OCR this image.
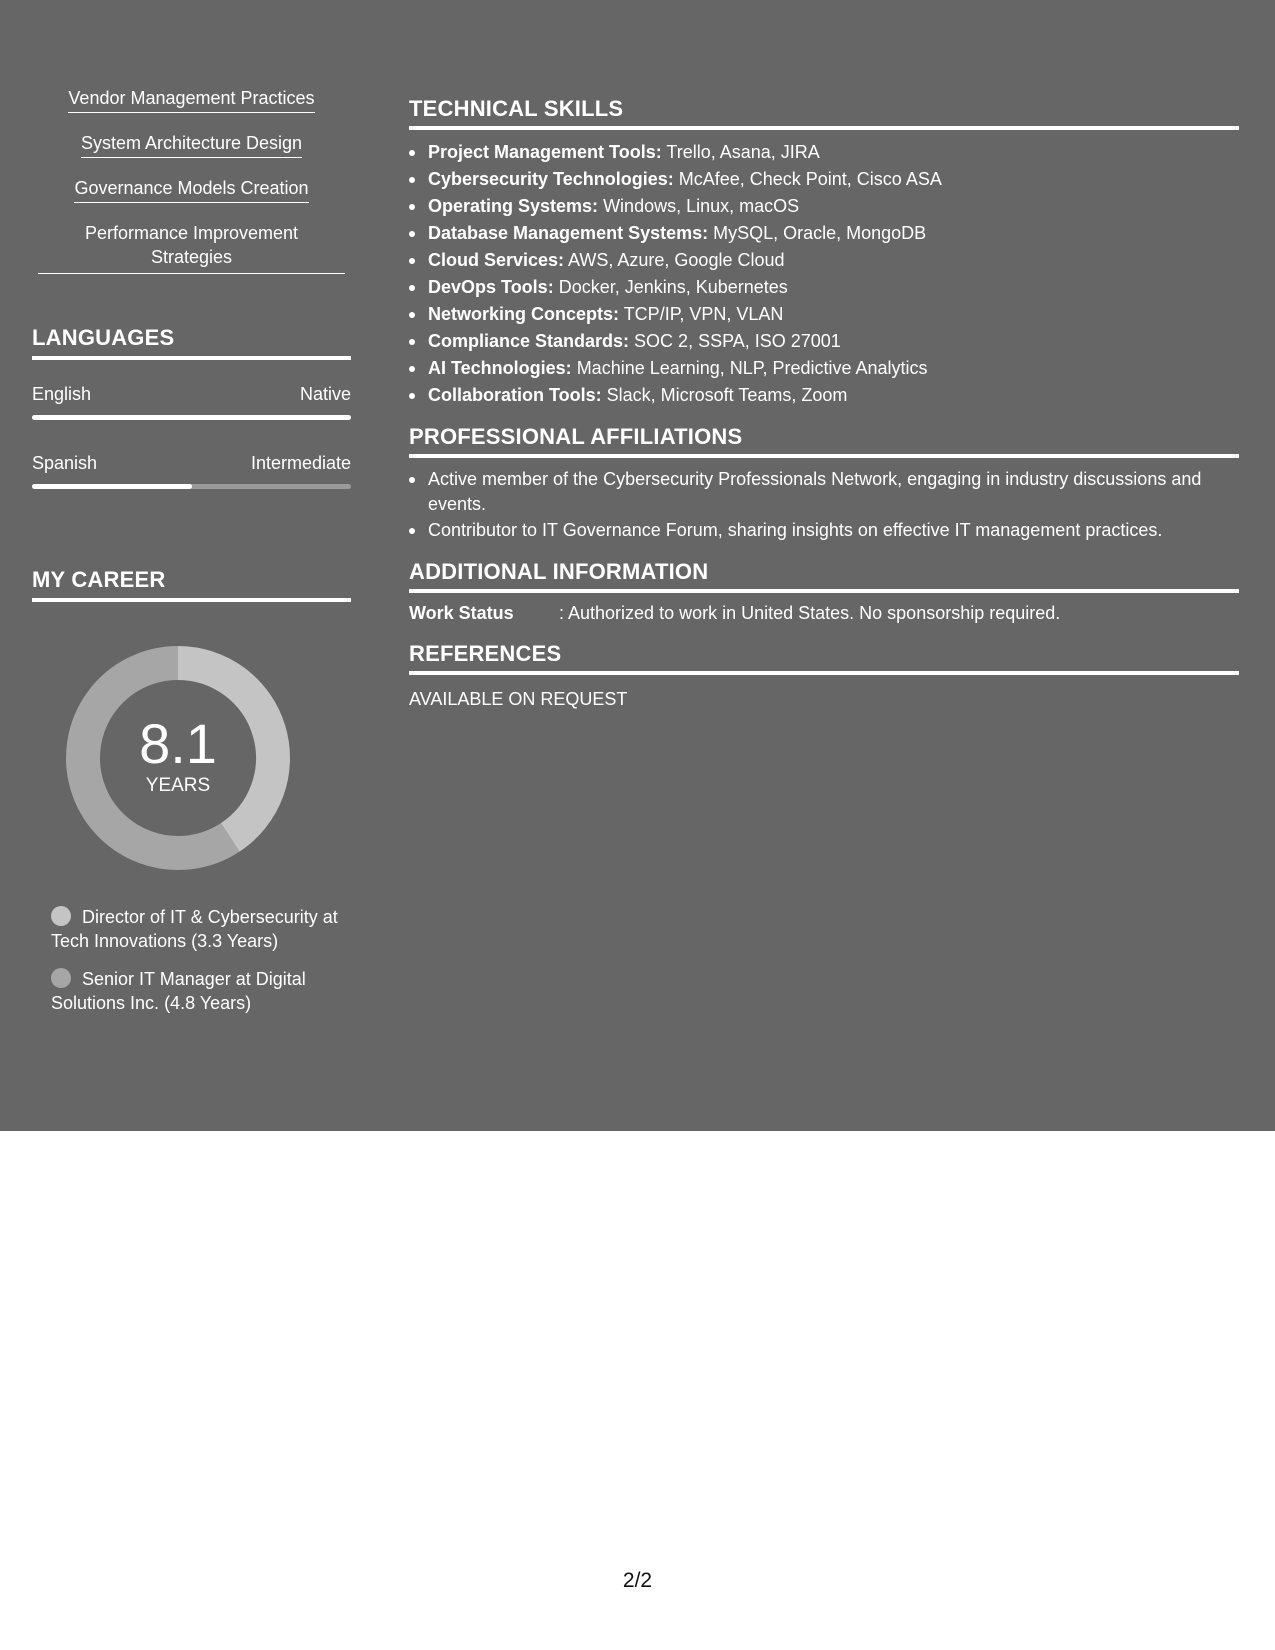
Vendor Management Practices
System Architecture Design
Governance Models Creation
Performance Improvement Strategies
LANGUAGES
English	Native
Spanish	Intermediate
MY CAREER
8.1
YEARS
Director of IT & Cybersecurity at Tech Innovations (3.3 Years)
Senior IT Manager at Digital Solutions Inc. (4.8 Years)
TECHNICAL SKILLS
Project Management Tools: Trello, Asana, JIRA
Cybersecurity Technologies: McAfee, Check Point, Cisco ASA
Operating Systems: Windows, Linux, macOS
Database Management Systems: MySQL, Oracle, MongoDB
Cloud Services: AWS, Azure, Google Cloud
DevOps Tools: Docker, Jenkins, Kubernetes
Networking Concepts: TCP/IP, VPN, VLAN
Compliance Standards: SOC 2, SSPA, ISO 27001
AI Technologies: Machine Learning, NLP, Predictive Analytics
Collaboration Tools: Slack, Microsoft Teams, Zoom
PROFESSIONAL AFFILIATIONS
Active member of the Cybersecurity Professionals Network, engaging in industry discussions and events.
Contributor to IT Governance Forum, sharing insights on effective IT management practices.
ADDITIONAL INFORMATION
Work Status	: Authorized to work in United States. No sponsorship required.
REFERENCES
AVAILABLE ON REQUEST
2/2
